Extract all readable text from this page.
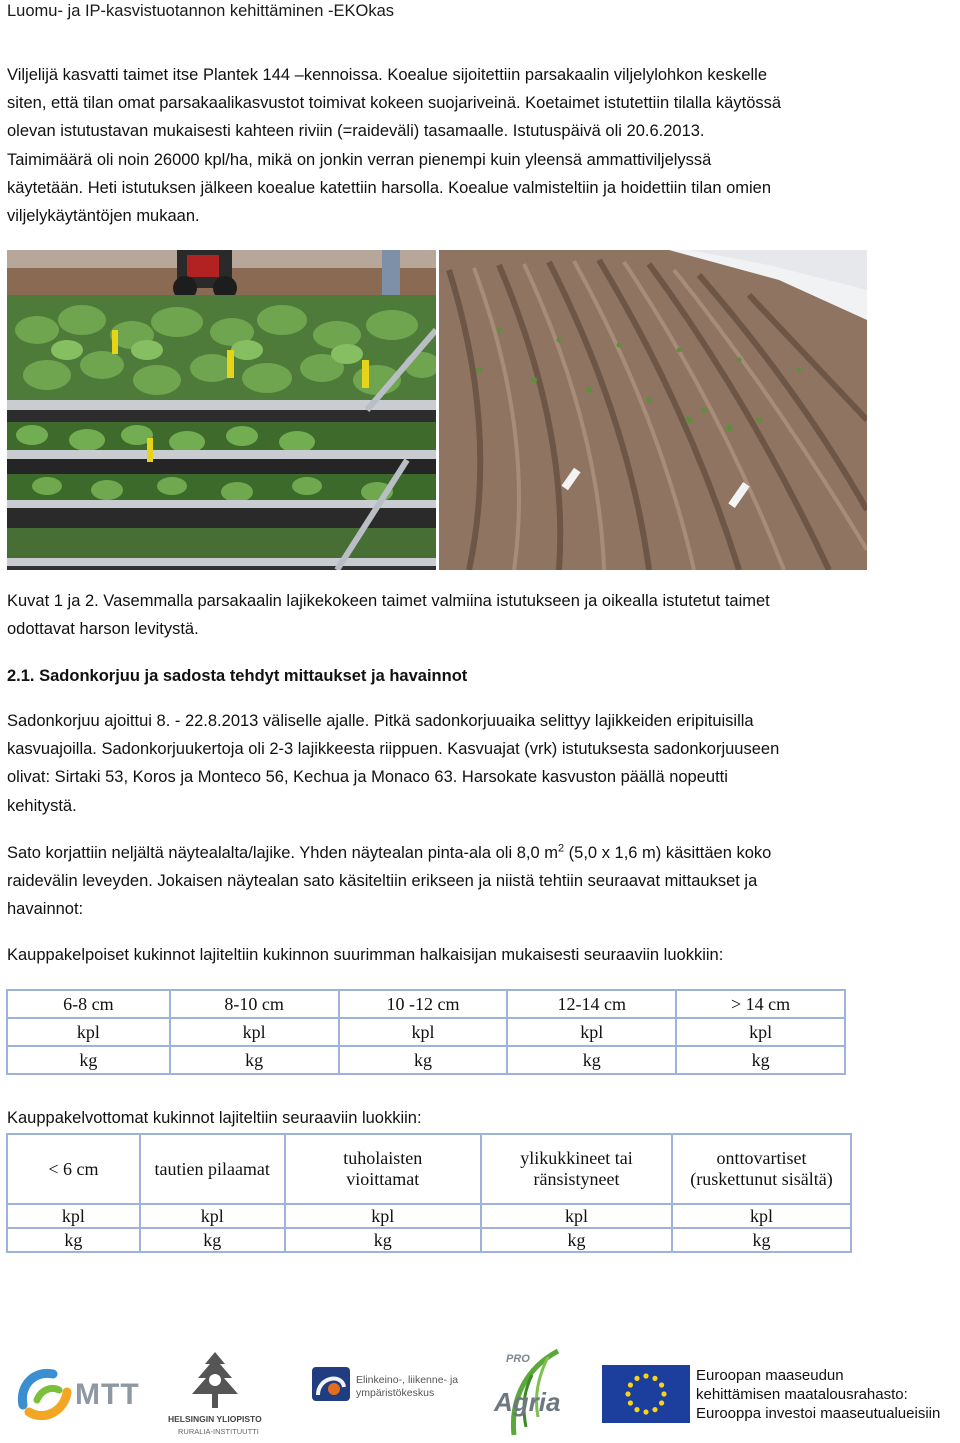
Luomu- ja IP-kasvistuotannon kehittäminen -EKOkas

Viljelijä kasvatti taimet itse Plantek 144 –kennoissa. Koealue sijoitettiin parsakaalin viljelylohkon keskelle

siten, että tilan omat parsakaalikasvustot toimivat kokeen suojariveinä. Koetaimet istutettiin tilalla käytössä

olevan istutustavan mukaisesti kahteen riviin (=raideväli) tasamaalle. Istutuspäivä oli 20.6.2013.

Taimimäärä oli noin 26000 kpl/ha, mikä on jonkin verran pienempi kuin yleensä ammattiviljelyssä

käytetään. Heti istutuksen jälkeen koealue katettiin harsolla. Koealue valmisteltiin ja hoidettiin tilan omien

viljelykäytäntöjen mukaan.

Kuvat 1 ja 2. Vasemmalla parsakaalin lajikekokeen taimet valmiina istutukseen ja oikealla istutetut taimet

odottavat harson levitystä.

2.1. Sadonkorjuu ja sadosta tehdyt mittaukset ja havainnot

Sadonkorjuu ajoittui 8. - 22.8.2013 väliselle ajalle. Pitkä sadonkorjuuaika selittyy lajikkeiden eripituisilla

kasvuajoilla. Sadonkorjuukertoja oli 2-3 lajikkeesta riippuen. Kasvuajat (vrk) istutuksesta sadonkorjuuseen

olivat: Sirtaki 53, Koros ja Monteco 56, Kechua ja Monaco 63. Harsokate kasvuston päällä nopeutti

kehitystä.

Sato korjattiin neljältä näytealalta/lajike. Yhden näytealan pinta-ala oli 8,0 $m^2$ (5,0 x 1,6 m) käsittäen koko

raidevälin leveyden. Jokaisen näytealan sato käsiteltiin erikseen ja niistä tehtiin seuraavat mittaukset ja

havainnot:

Kauppakelpoiset kukinnot lajiteltiin kukinnon suurimman halkaisijan mukaisesti seuraaviin luokkiin:
6-8 cm	8-10 cm	10 -12 cm	12-14 cm	> 14 cm
kpl	kpl	kpl	kpl	kpl
kg	kg	kg	kg	kg
Kauppakelvottomat kukinnot lajiteltiin seuraaviin luokkiin:
< 6 cm	tautien pilaamat	tuholaisten vioittamat	ylikukkineet tai ränsistyneet	onttovartiset (ruskettunut sisältä)
kpl	kpl	kpl	kpl	kpl
kg	kg	kg	kg	kg
MTT
HELSINGIN YLIOPISTO
RURALIA-INSTITUUTTI
Elinkeino-, liikenne- ja
ympäristökeskus
PRO
Agria
Euroopan maaseudun
kehittämisen maatalousrahasto:
Eurooppa investoi maaseutualueisiin
